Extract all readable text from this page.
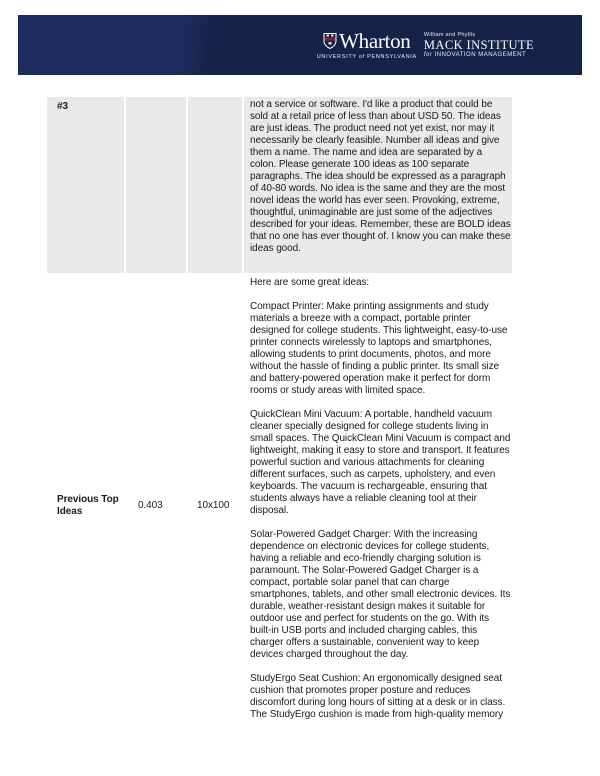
Wharton
UNIVERSITY of PENNSYLVANIA
William and Phyllis
MACK INSTITUTE
for INNOVATION MANAGEMENT
#3	not a service or software. I'd like a product that could be sold at a retail price of less than about USD 50. The ideas are just ideas. The product need not yet exist, nor may it necessarily be clearly feasible. Number all ideas and give them a name. The name and idea are separated by a colon. Please generate 100 ideas as 100 separate paragraphs. The idea should be expressed as a paragraph of 40-80 words. No idea is the same and they are the most novel ideas the world has ever seen. Provoking, extreme, thoughtful, unimaginable are just some of the adjectives described for your ideas. Remember, these are BOLD ideas that no one has ever thought of. I know you can make these ideas good.

Previous Top Ideas
0.403	10x100

Here are some great ideas:

Compact Printer: Make printing assignments and study materials a breeze with a compact, portable printer designed for college students. This lightweight, easy-to-use printer connects wirelessly to laptops and smartphones, allowing students to print documents, photos, and more without the hassle of finding a public printer. Its small size and battery-powered operation make it perfect for dorm rooms or study areas with limited space.

QuickClean Mini Vacuum: A portable, handheld vacuum cleaner specially designed for college students living in small spaces. The QuickClean Mini Vacuum is compact and lightweight, making it easy to store and transport. It features powerful suction and various attachments for cleaning different surfaces, such as carpets, upholstery, and even keyboards. The vacuum is rechargeable, ensuring that students always have a reliable cleaning tool at their disposal.

Solar-Powered Gadget Charger: With the increasing dependence on electronic devices for college students, having a reliable and eco-friendly charging solution is paramount. The Solar-Powered Gadget Charger is a compact, portable solar panel that can charge smartphones, tablets, and other small electronic devices. Its durable, weather-resistant design makes it suitable for outdoor use and perfect for students on the go. With its built-in USB ports and included charging cables, this charger offers a sustainable, convenient way to keep devices charged throughout the day.

StudyErgo Seat Cushion: An ergonomically designed seat cushion that promotes proper posture and reduces discomfort during long hours of sitting at a desk or in class. The StudyErgo cushion is made from high-quality memory
